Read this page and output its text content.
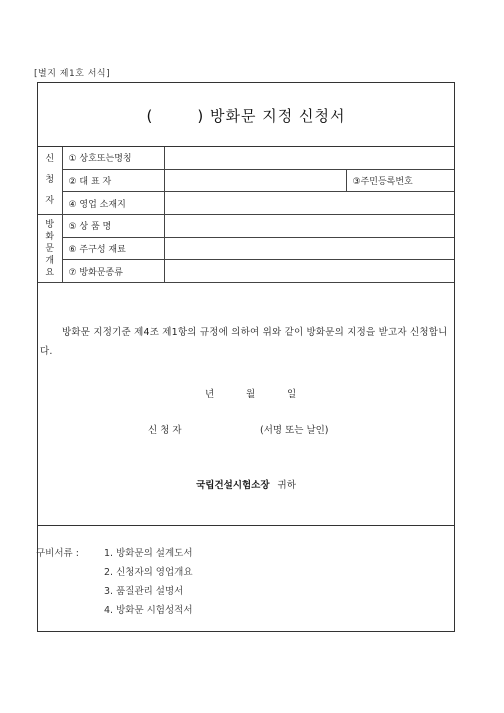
[별지 제1호 서식]
(	) 방화문 지정 신청서
신
청
자	① 상호또는명칭		
	② 대 표 자		③주민등록번호
	④ 영업 소재지		

방
화
문
개
요	⑤ 상 품 명		
	⑥ 주구성 재료		
	⑦ 방화문종류		
방화문 지정기준 제4조 제1항의 규정에 의하여 위와 같이 방화문의 지정을 받고자 신청합니다.
년	월	일
신 청 자	(서명 또는 날인)
국립건설시험소장 귀하
구비서류 :	1. 방화문의 설계도서
2. 신청자의 영업개요
3. 품질관리 설명서
4. 방화문 시험성적서
